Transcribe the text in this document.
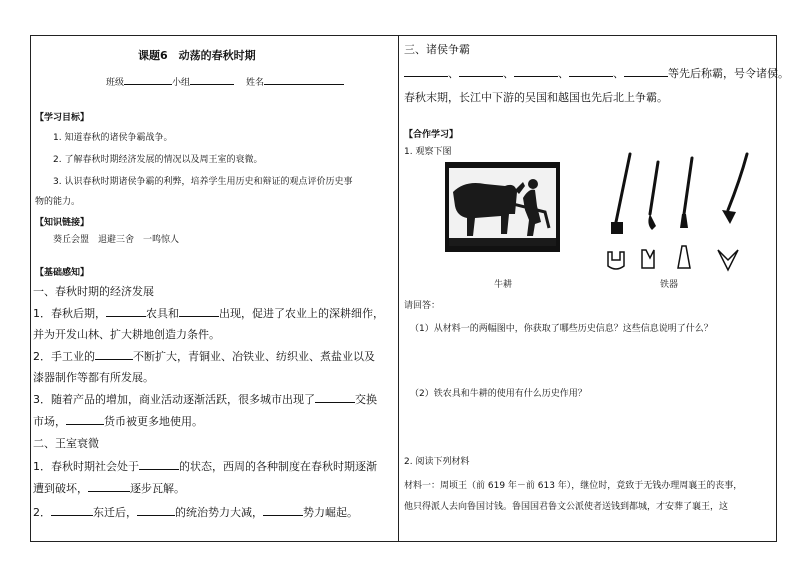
课题6　动荡的春秋时期
班级	小组	姓名
【学习目标】
1. 知道春秋的诸侯争霸战争。
2. 了解春秋时期经济发展的情况以及周王室的衰微。
3. 认识春秋时期诸侯争霸的利弊，培养学生用历史和辩证的观点评价历史事
物的能力。
【知识链接】
葵丘会盟　退避三舍　一鸣惊人
【基础感知】
一、春秋时期的经济发展
1．春秋后期，	农具和	出现，促进了农业上的深耕细作，
并为开发山林、扩大耕地创造力条件。
2．手工业的	不断扩大，青铜业、冶铁业、纺织业、煮盐业以及
漆器制作等都有所发展。
3．随着产品的增加，商业活动逐渐活跃，很多城市出现了	交换
市场，	货币被更多地使用。
二、王室衰微
1．春秋时期社会处于	的状态，西周的各种制度在春秋时期逐渐
遭到破坏，	逐步瓦解。
2．	东迁后，	的统治势力大减，	势力崛起。
三、诸侯争霸
、	、	、	、	等先后称霸，号令诸侯。
春秋末期，长江中下游的吴国和越国也先后北上争霸。
【合作学习】
1. 观察下图
牛耕	铁器
请回答：
（1）从材料一的两幅图中，你获取了哪些历史信息？这些信息说明了什么？
（2）铁农具和牛耕的使用有什么历史作用？
2. 阅读下列材料
材料一：周顷王（前 619 年－前 613 年），继位时，竟致于无钱办理周襄王的丧事，
他只得派人去向鲁国讨钱。鲁国国君鲁文公派使者送钱到都城，才安葬了襄王，这
